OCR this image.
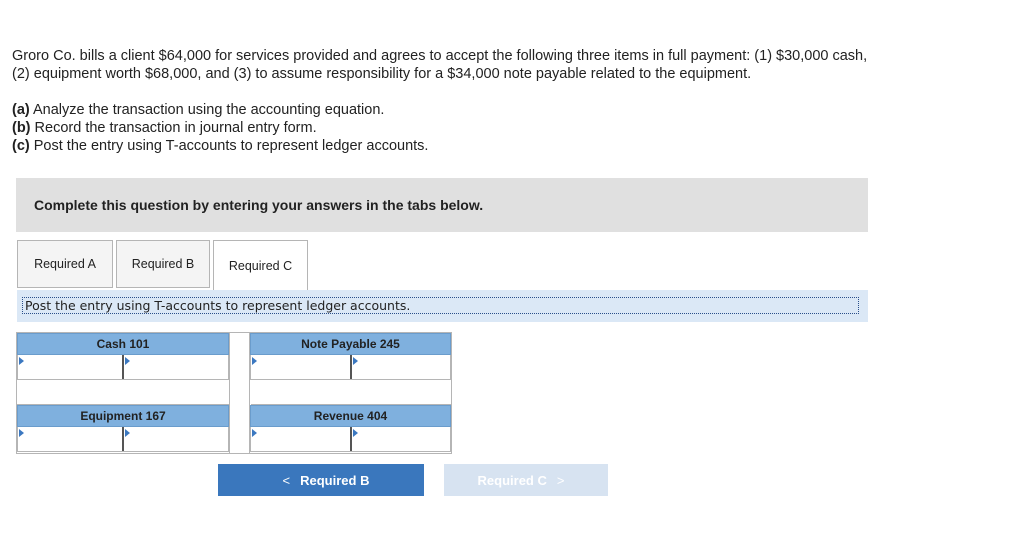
Groro Co. bills a client $64,000 for services provided and agrees to accept the following three items in full payment: (1) $30,000 cash,

(2) equipment worth $68,000, and (3) to assume responsibility for a $34,000 note payable related to the equipment.

(a) Analyze the transaction using the accounting equation.
(b) Record the transaction in journal entry form.
(c) Post the entry using T-accounts to represent ledger accounts.
Complete this question by entering your answers in the tabs below.
Required A	Required B	Required C
Post the entry using T-accounts to represent ledger accounts.
Cash 101	Note Payable 245
Equipment 167	Revenue 404
< Required B	Required C >
